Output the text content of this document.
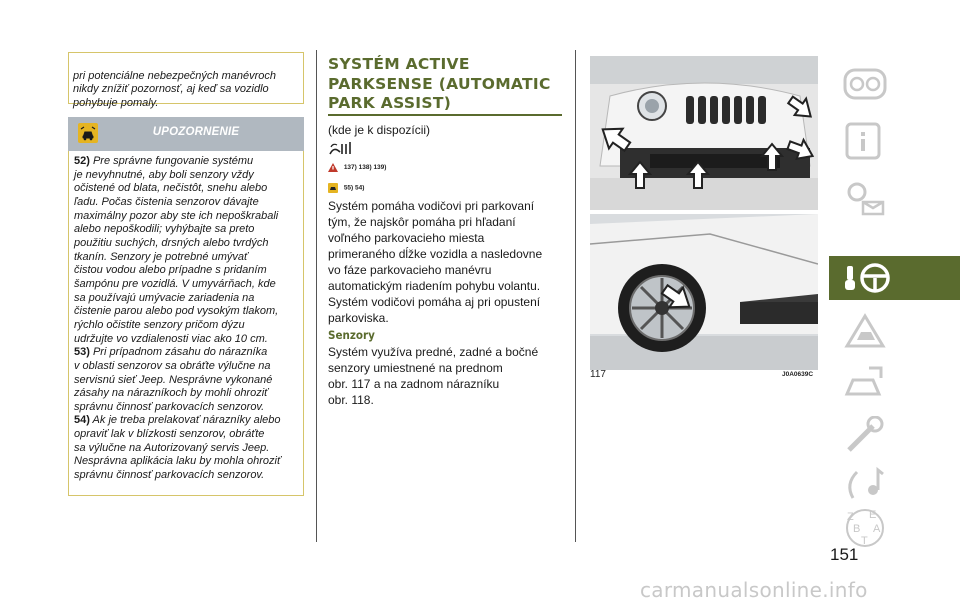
pri potenciálne nebezpečných manévroch
nikdy znížiť pozornosť, aj keď sa vozidlo
pohybuje pomaly.

UPOZORNENIE
52) Pre správne fungovanie systému
je nevyhnutné, aby boli senzory vždy
očistené od blata, nečistôt, snehu alebo
ľadu. Počas čistenia senzorov dávajte
maximálny pozor aby ste ich nepoškrabali
alebo nepoškodili; vyhýbajte sa preto
použitiu suchých, drsných alebo tvrdých
tkanín. Senzory je potrebné umývať
čistou vodou alebo prípadne s pridaním
šampónu pre vozidlá. V umyvárňach, kde
sa používajú umývacie zariadenia na
čistenie parou alebo pod vysokým tlakom,
rýchlo očistite senzory pričom dýzu
udržujte vo vzdialenosti viac ako 10 cm.
53) Pri prípadnom zásahu do nárazníka
v oblasti senzorov sa obráťte výlučne na
servisnú sieť Jeep. Nesprávne vykonané
zásahy na nárazníkoch by mohli ohroziť
správnu činnosť parkovacích senzorov.
54) Ak je treba prelakovať nárazníky alebo
opraviť lak v blízkosti senzorov, obráťte
sa výlučne na Autorizovaný servis Jeep.
Nesprávna aplikácia laku by mohla ohroziť
správnu činnosť parkovacích senzorov.
SYSTÉM ACTIVE
PARKSENSE (AUTOMATIC
PARK ASSIST)
(kde je k dispozícii)
137) 138) 139)
55) 54)
Systém pomáha vodičovi pri parkovaní
tým, že najskôr pomáha pri hľadaní
voľného parkovacieho miesta
primeraného dĺžke vozidla a nasledovne
vo fáze parkovacieho manévru
automatickým riadením pohybu volantu.
Systém vodičovi pomáha aj pri opustení
parkoviska.
Senzory
Systém využíva predné, zadné a bočné
senzory umiestnené na prednom
obr. 117 a na zadnom nárazníku
obr. 118.
117	J0A0639C
Z E
B A
T
151
carmanualsonline.info
